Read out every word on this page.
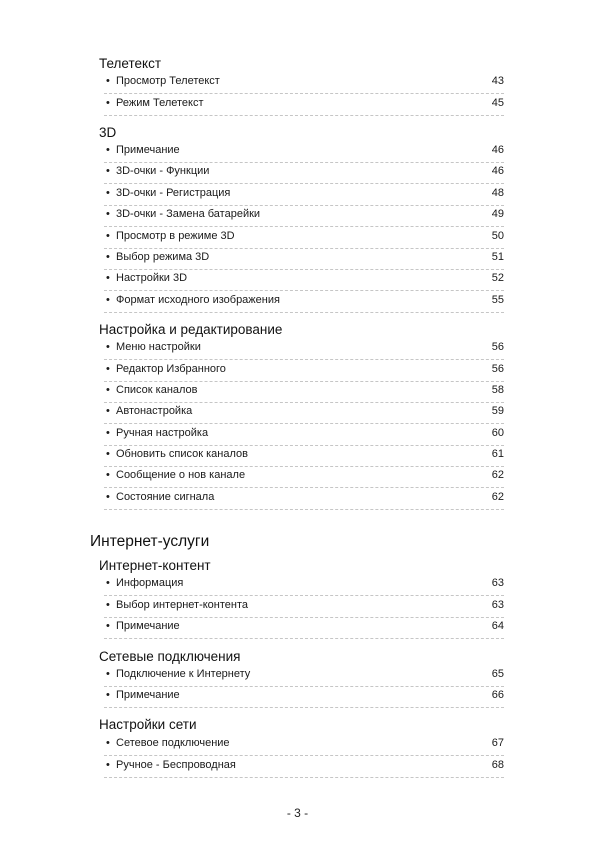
Телетекст
• Просмотр Телетекст	43
• Режим Телетекст	45
3D
• Примечание	46
• 3D-очки - Функции	46
• 3D-очки - Регистрация	48
• 3D-очки - Замена батарейки	49
• Просмотр в режиме 3D	50
• Выбор режима 3D	51
• Настройки 3D	52
• Формат исходного изображения	55
Настройка и редактирование
• Меню настройки	56
• Редактор Избранного	56
• Список каналов	58
• Автонастройка	59
• Ручная настройка	60
• Обновить список каналов	61
• Сообщение о нов канале	62
• Состояние сигнала	62
Интернет-услуги
Интернет-контент
• Информация	63
• Выбор интернет-контента	63
• Примечание	64
Сетевые подключения
• Подключение к Интернету	65
• Примечание	66
Настройки сети
• Сетевое подключение	67
• Ручное - Беспроводная	68
- 3 -
